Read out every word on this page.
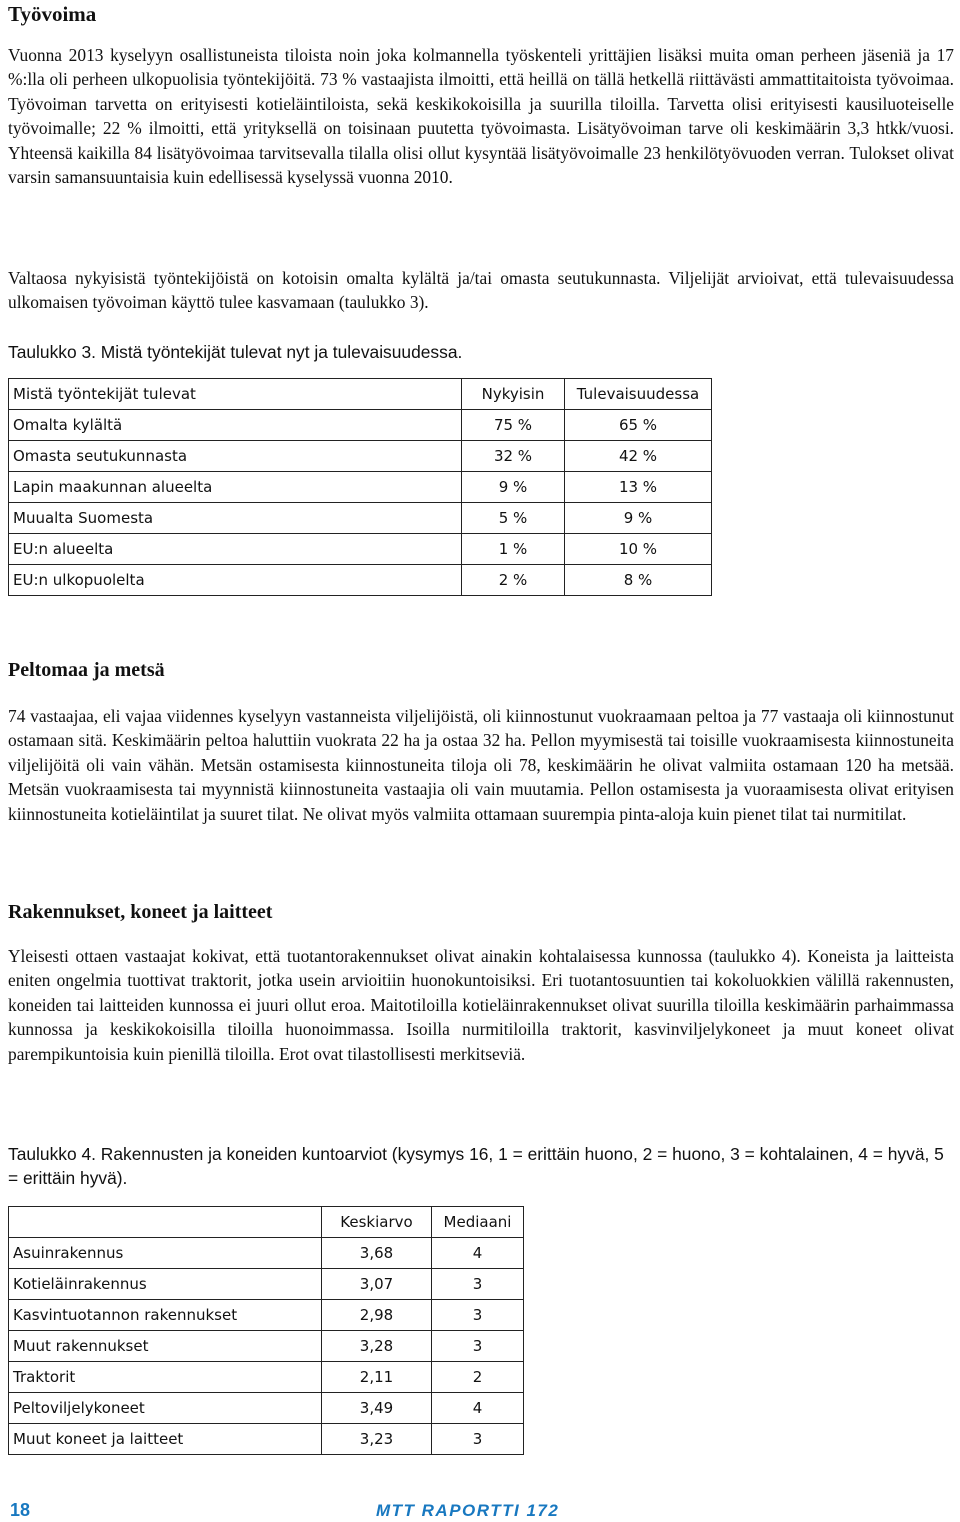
Työvoima

Vuonna 2013 kyselyyn osallistuneista tiloista noin joka kolmannella työskenteli yrittäjien lisäksi muita oman perheen jäseniä ja 17 %:lla oli perheen ulkopuolisia työntekijöitä. 73 % vastaajista ilmoitti, että heillä on tällä hetkellä riittävästi ammattitaitoista työvoimaa. Työvoiman tarvetta on erityisesti kotieläintiloista, sekä keskikokoisilla ja suurilla tiloilla. Tarvetta olisi erityisesti kausiluoteiselle työvoimalle; 22 % ilmoitti, että yrityksellä on toisinaan puutetta työvoimasta. Lisätyövoiman tarve oli keskimäärin 3,3 htkk/vuosi. Yhteensä kaikilla 84 lisätyövoimaa tarvitsevalla tilalla olisi ollut kysyntää lisätyövoimalle 23 henkilötyövuoden verran. Tulokset olivat varsin samansuuntaisia kuin edellisessä kyselyssä vuonna 2010.

Valtaosa nykyisistä työntekijöistä on kotoisin omalta kylältä ja/tai omasta seutukunnasta. Viljelijät arvioivat, että tulevaisuudessa ulkomaisen työvoiman käyttö tulee kasvamaan (taulukko 3).

Taulukko 3. Mistä työntekijät tulevat nyt ja tulevaisuudessa.
Mistä työntekijät tulevat	Nykyisin	Tulevaisuudessa
Omalta kylältä	75 %	65 %
Omasta seutukunnasta	32 %	42 %
Lapin maakunnan alueelta	9 %	13 %
Muualta Suomesta	5 %	9 %
EU:n alueelta	1 %	10 %
EU:n ulkopuolelta	2 %	8 %
Peltomaa ja metsä

74 vastaajaa, eli vajaa viidennes kyselyyn vastanneista viljelijöistä, oli kiinnostunut vuokraamaan peltoa ja 77 vastaaja oli kiinnostunut ostamaan sitä. Keskimäärin peltoa haluttiin vuokrata 22 ha ja ostaa 32 ha. Pellon myymisestä tai toisille vuokraamisesta kiinnostuneita viljelijöitä oli vain vähän. Metsän ostamisesta kiinnostuneita tiloja oli 78, keskimäärin he olivat valmiita ostamaan 120 ha metsää. Metsän vuokraamisesta tai myynnistä kiinnostuneita vastaajia oli vain muutamia. Pellon ostamisesta ja vuoraamisesta olivat erityisen kiinnostuneita kotieläintilat ja suuret tilat. Ne olivat myös valmiita ottamaan suurempia pinta-aloja kuin pienet tilat tai nurmitilat.

Rakennukset, koneet ja laitteet

Yleisesti ottaen vastaajat kokivat, että tuotantorakennukset olivat ainakin kohtalaisessa kunnossa (taulukko 4). Koneista ja laitteista eniten ongelmia tuottivat traktorit, jotka usein arvioitiin huonokuntoisiksi. Eri tuotantosuuntien tai kokoluokkien välillä rakennusten, koneiden tai laitteiden kunnossa ei juuri ollut eroa. Maitotiloilla kotieläinrakennukset olivat suurilla tiloilla keskimäärin parhaimmassa kunnossa ja keskikokoisilla tiloilla huonoimmassa. Isoilla nurmitiloilla traktorit, kasvinviljelykoneet ja muut koneet olivat parempikuntoisia kuin pienillä tiloilla. Erot ovat tilastollisesti merkitseviä.

Taulukko 4. Rakennusten ja koneiden kuntoarviot (kysymys 16, 1 = erittäin huono, 2 = huono, 3 = kohtalainen, 4 = hyvä, 5 = erittäin hyvä).
	Keskiarvo	Mediaani
Asuinrakennus	3,68	4
Kotieläinrakennus	3,07	3
Kasvintuotannon rakennukset	2,98	3
Muut rakennukset	3,28	3
Traktorit	2,11	2
Peltoviljelykoneet	3,49	4
Muut koneet ja laitteet	3,23	3
18	MTT RAPORTTI 172
